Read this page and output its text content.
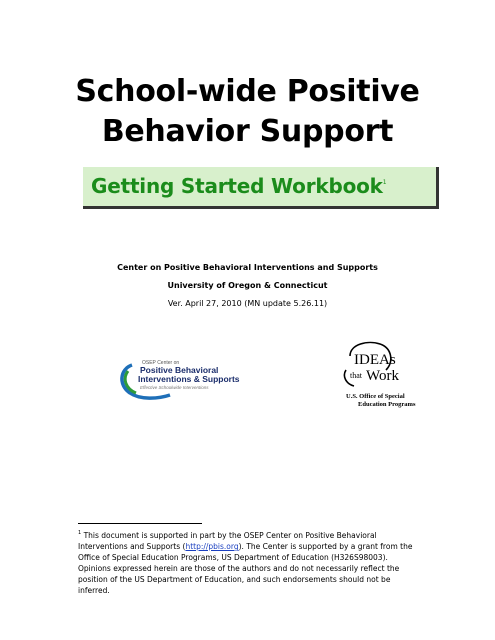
School-wide Positive
Behavior Support
Getting Started Workbook$^1$
Center on Positive Behavioral Interventions and Supports
University of Oregon & Connecticut
Ver. April 27, 2010 (MN update 5.26.11)
OSEP Center on
Positive Behavioral
Interventions & Supports
Effective Schoolwide Interventions
IDEAs
that Work
U.S. Office of Special
Education Programs
$^1$ This document is supported in part by the OSEP Center on Positive Behavioral Interventions and Supports (http://pbis.org). The Center is supported by a grant from the Office of Special Education Programs, US Department of Education (H326S98003). Opinions expressed herein are those of the authors and do not necessarily reflect the position of the US Department of Education, and such endorsements should not be inferred.
